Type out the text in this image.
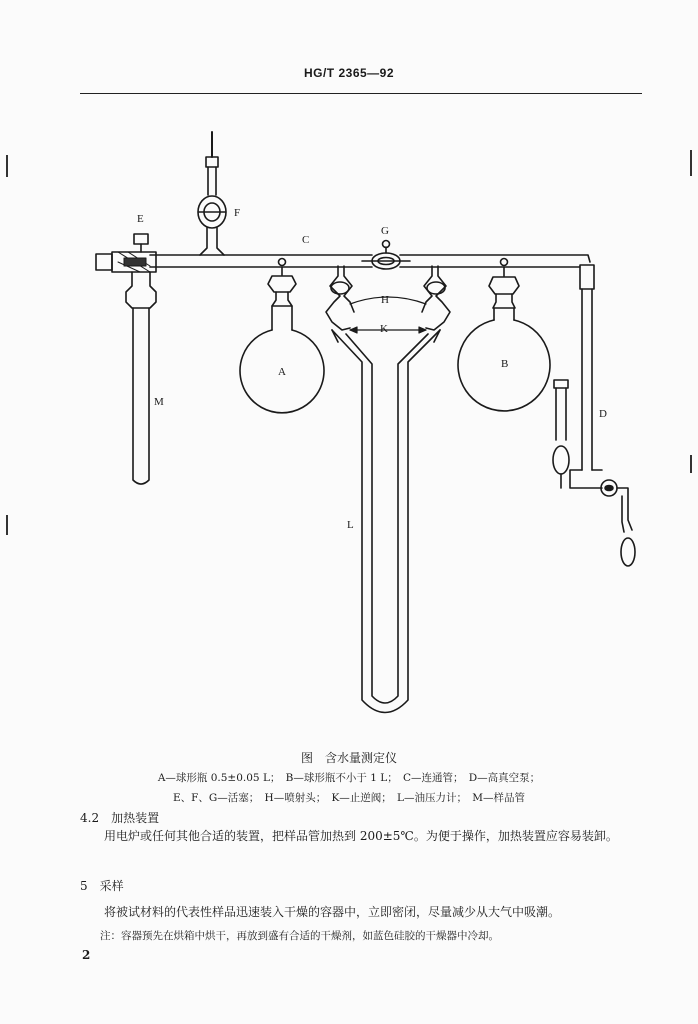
HG/T 2365—92
E	F
C
G
H
K
A
B
D
M
L
图　含水量测定仪
A—球形瓶 0.5±0.05 L；　B—球形瓶不小于 1 L；　C—连通管；　D—高真空泵；
E、F、G—活塞；　H—喷射头；　K—止逆阀；　L—油压力计；　M—样品管
4.2　加热装置
用电炉或任何其他合适的装置，把样品管加热到 200±5℃。为便于操作，加热装置应容易装卸。
5　采样
将被试材料的代表性样品迅速装入干燥的容器中，立即密闭，尽量减少从大气中吸潮。
注：容器预先在烘箱中烘干，再放到盛有合适的干燥剂，如蓝色硅胶的干燥器中冷却。
2
